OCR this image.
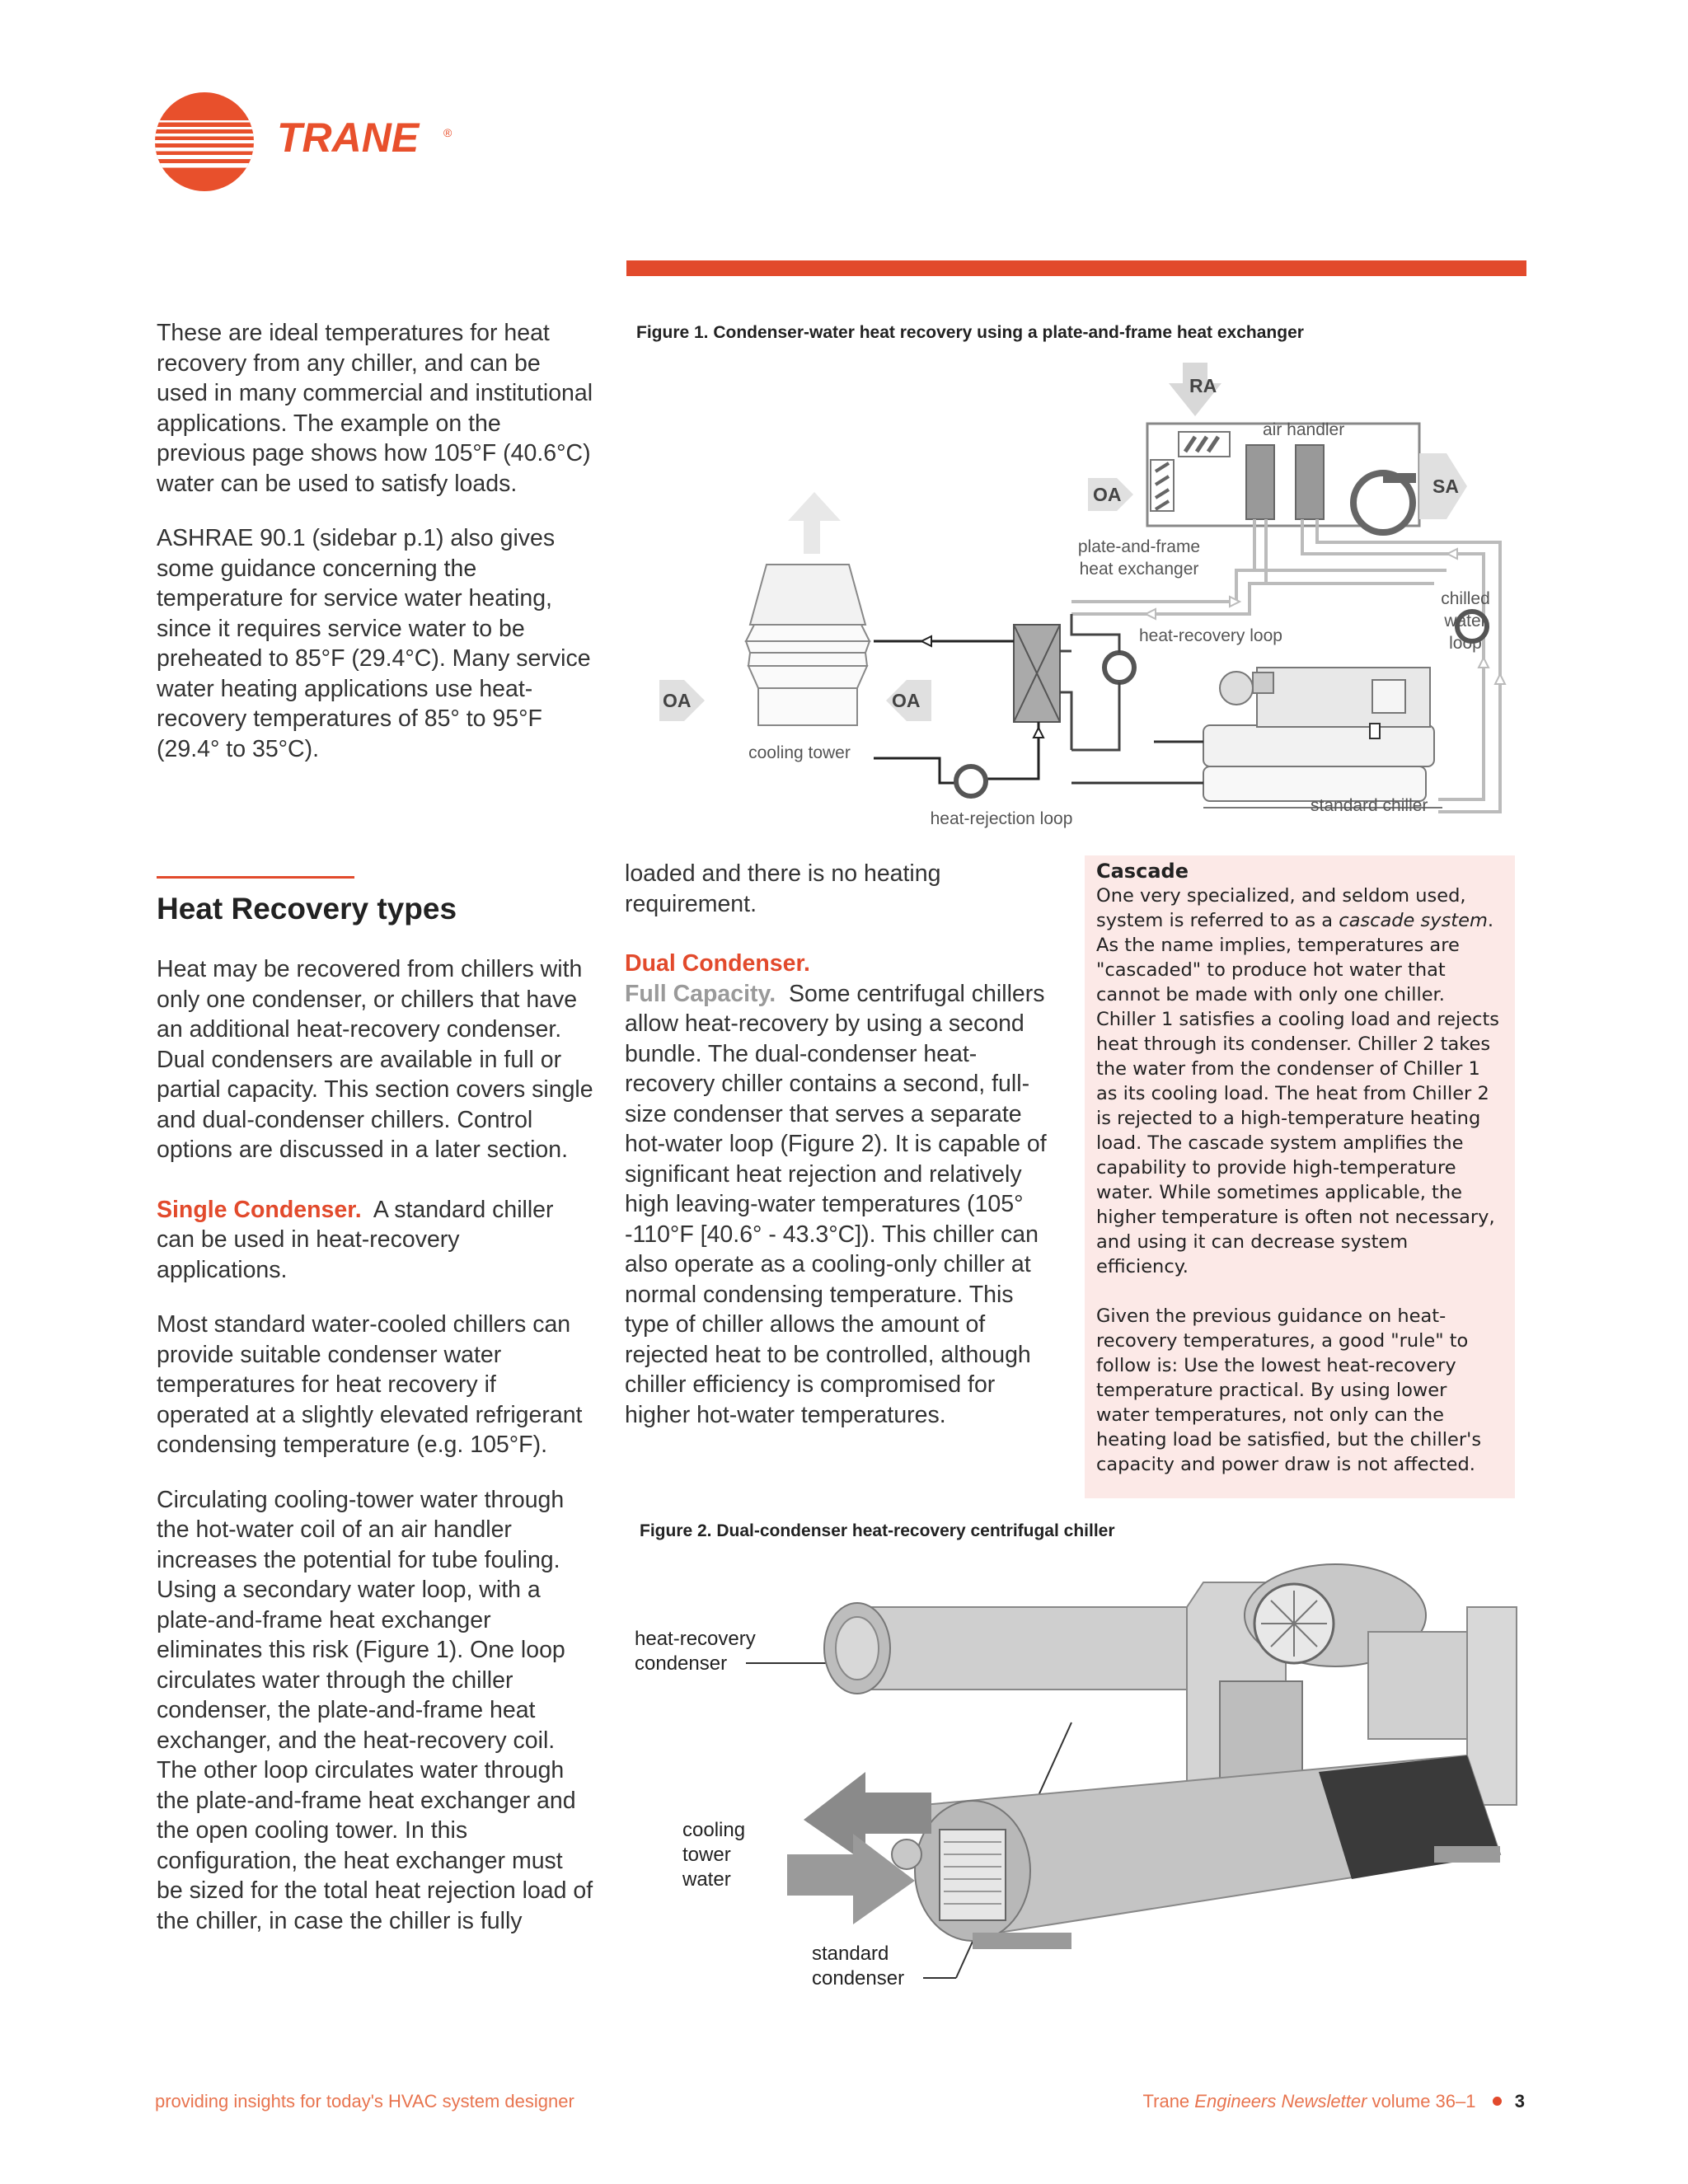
TRANE ®

These are ideal temperatures for heat recovery from any chiller, and can be used in many commercial and institutional applications. The example on the previous page shows how 105°F (40.6°C) water can be used to satisfy loads.

ASHRAE 90.1 (sidebar p.1) also gives some guidance concerning the temperature for service water heating, since it requires service water to be preheated to 85°F (29.4°C). Many service water heating applications use heat-recovery temperatures of 85° to 95°F (29.4° to 35°C).

Heat Recovery types

Heat may be recovered from chillers with only one condenser, or chillers that have an additional heat-recovery condenser. Dual condensers are available in full or partial capacity. This section covers single and dual-condenser chillers. Control options are discussed in a later section.

Single Condenser. A standard chiller can be used in heat-recovery applications.

Most standard water-cooled chillers can provide suitable condenser water temperatures for heat recovery if operated at a slightly elevated refrigerant condensing temperature (e.g. 105°F).

Circulating cooling-tower water through the hot-water coil of an air handler increases the potential for tube fouling. Using a secondary water loop, with a plate-and-frame heat exchanger eliminates this risk (Figure 1). One loop circulates water through the chiller condenser, the plate-and-frame heat exchanger, and the heat-recovery coil. The other loop circulates water through the plate-and-frame heat exchanger and the open cooling tower. In this configuration, the heat exchanger must be sized for the total heat rejection load of the chiller, in case the chiller is fully

loaded and there is no heating requirement.

Dual Condenser.
Full Capacity. Some centrifugal chillers allow heat-recovery by using a second bundle. The dual-condenser heat-recovery chiller contains a second, full-size condenser that serves a separate hot-water loop (Figure 2). It is capable of significant heat rejection and relatively high leaving-water temperatures (105° -110°F [40.6° - 43.3°C]). This chiller can also operate as a cooling-only chiller at normal condensing temperature. This type of chiller allows the amount of rejected heat to be controlled, although chiller efficiency is compromised for higher hot-water temperatures.

Cascade

One very specialized, and seldom used, system is referred to as a cascade system. As the name implies, temperatures are "cascaded" to produce hot water that cannot be made with only one chiller. Chiller 1 satisfies a cooling load and rejects heat through its condenser. Chiller 2 takes the water from the condenser of Chiller 1 as its cooling load. The heat from Chiller 2 is rejected to a high-temperature heating load. The cascade system amplifies the capability to provide high-temperature water. While sometimes applicable, the higher temperature is often not necessary, and using it can decrease system efficiency.

Given the previous guidance on heat-recovery temperatures, a good "rule" to follow is: Use the lowest heat-recovery temperature practical. By using lower water temperatures, not only can the heating load be satisfied, but the chiller's capacity and power draw is not affected.

Figure 1. Condenser-water heat recovery using a plate-and-frame heat exchanger
RA
air handler
OA	SA
chilled
water
loop
plate-and-frame
heat exchanger
heat-recovery loop
heat-rejection loop
OA	OA
cooling tower
standard chiller
Figure 2. Dual-condenser heat-recovery centrifugal chiller
heat-recovery
condenser
cooling
tower
water
standard
condenser
providing insights for today's HVAC system designer	Trane Engineers Newsletter volume 36–1 3
